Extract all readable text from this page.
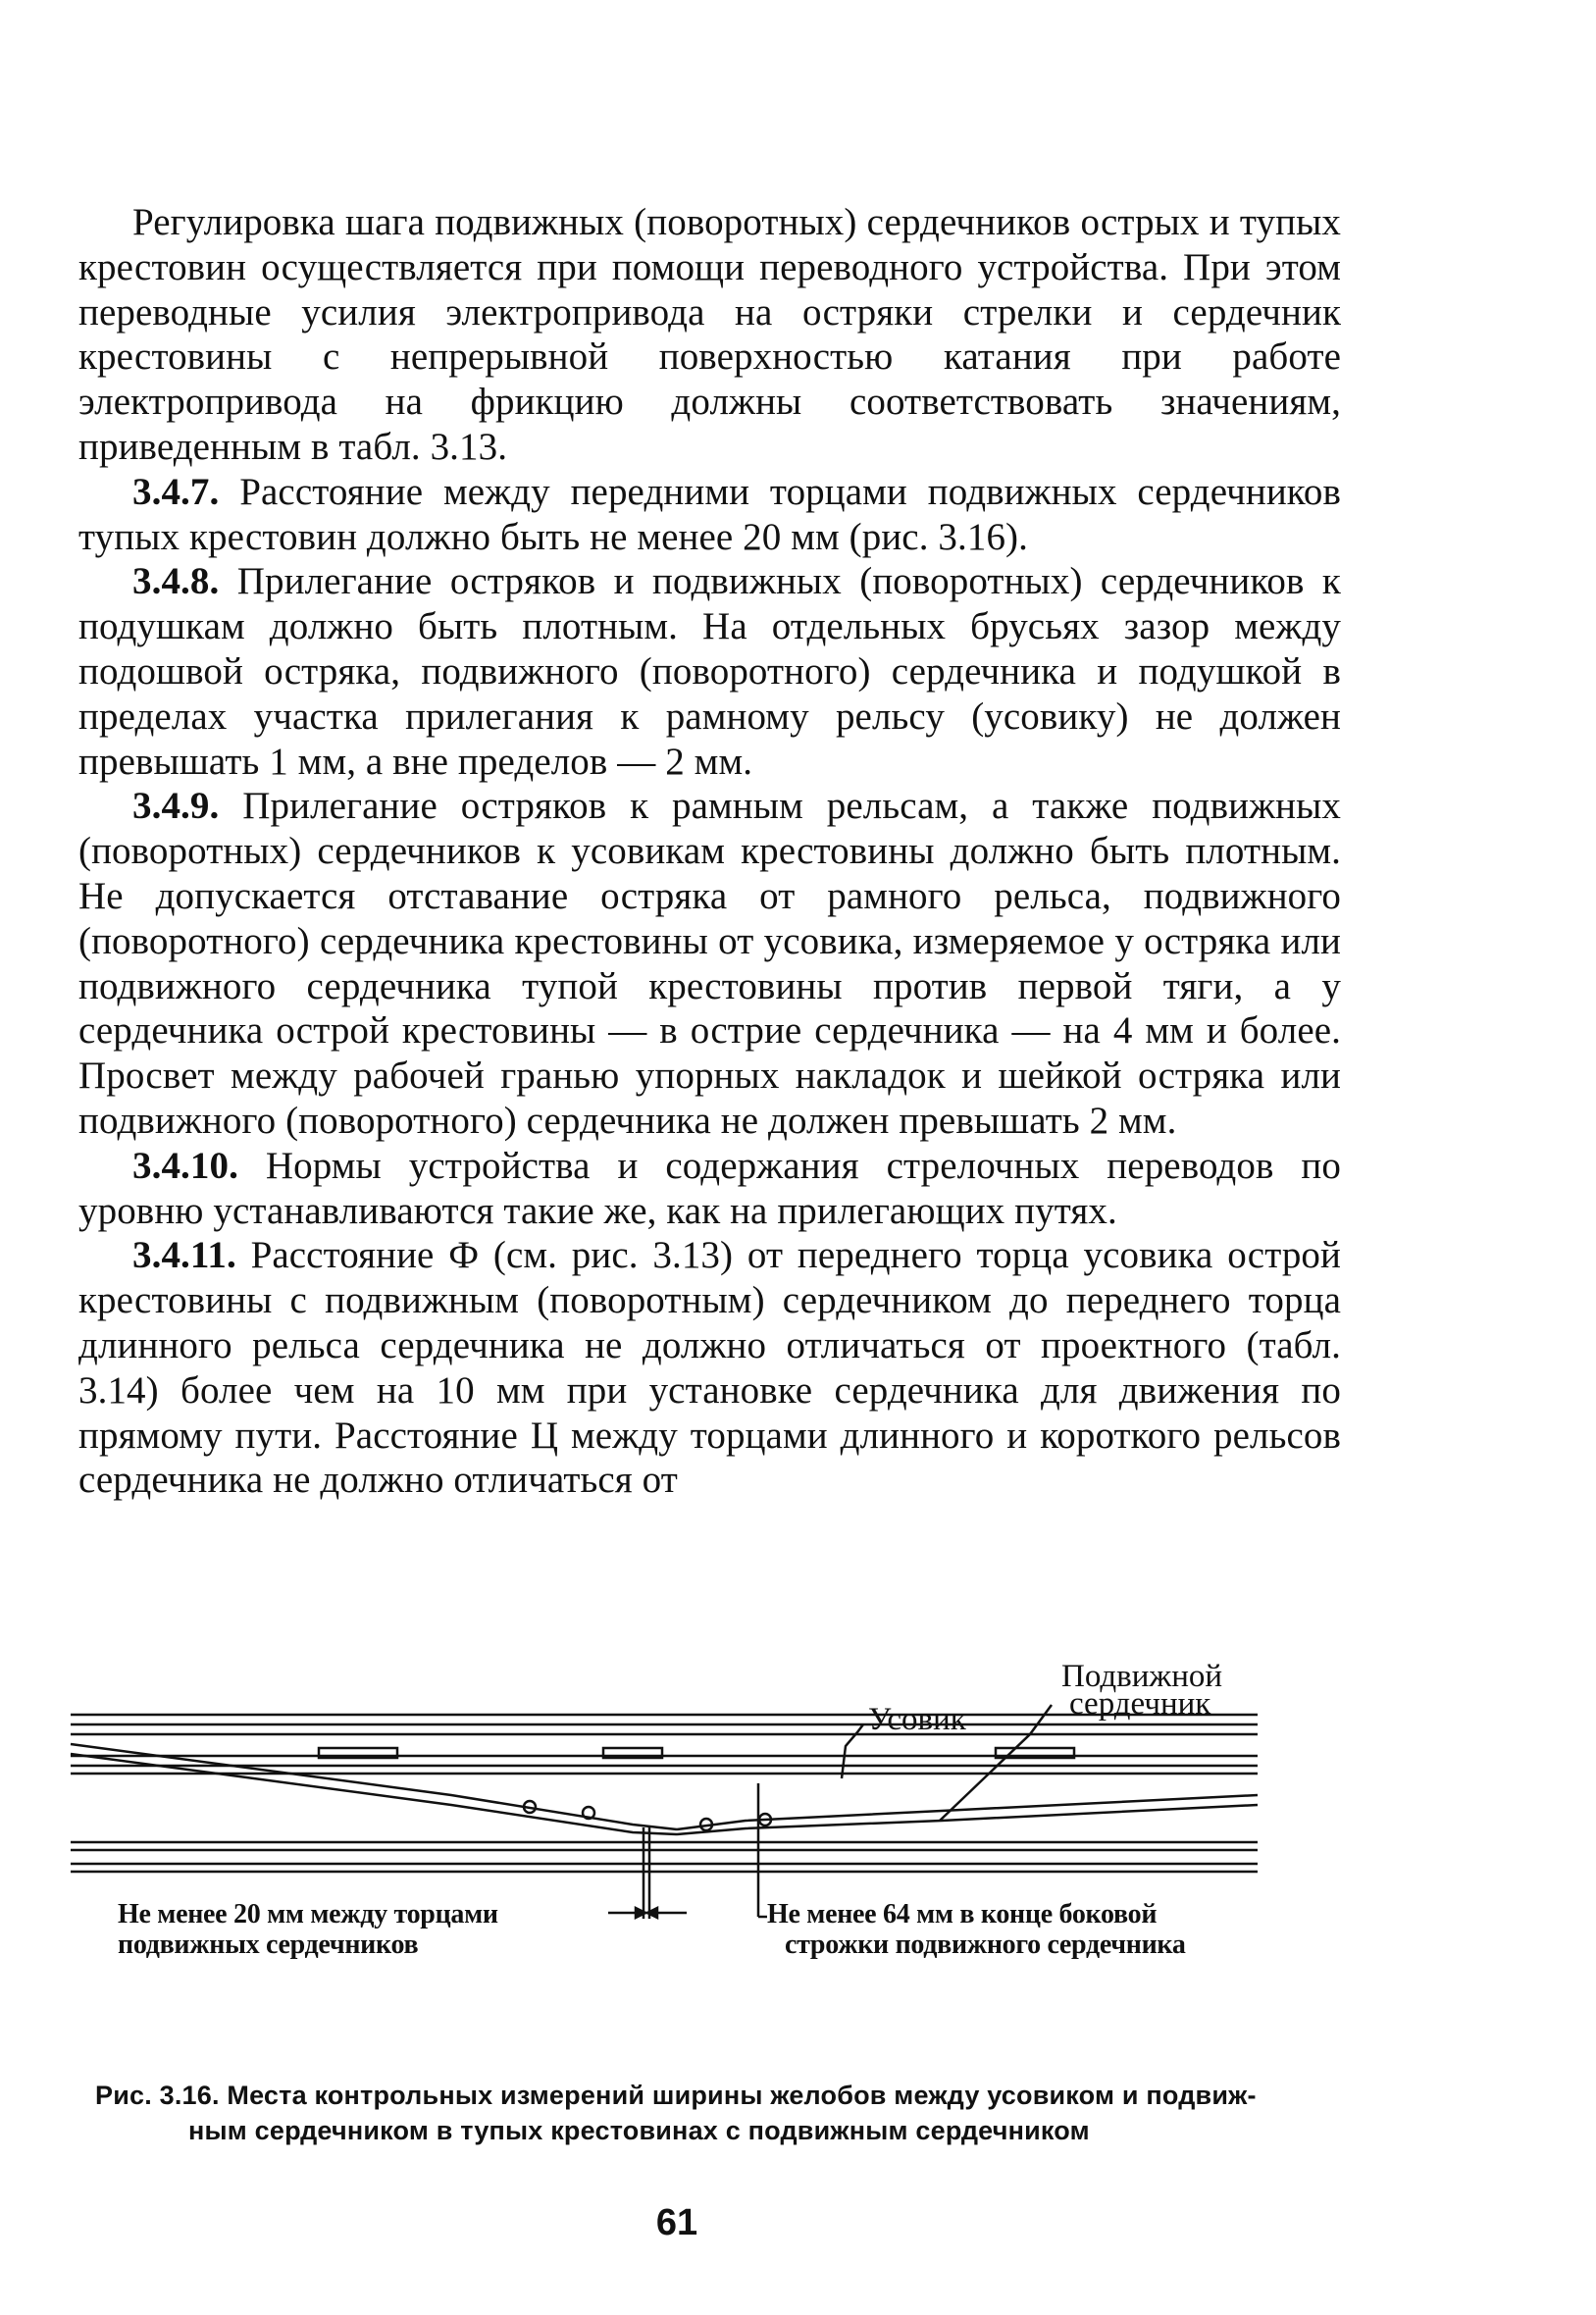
Регулировка шага подвижных (поворотных) сердечников острых и тупых крестовин осуществляется при помощи переводного устройства. При этом переводные усилия электропривода на остряки стрелки и сердечник крестовины с непрерывной поверхностью катания при работе электропривода на фрикцию должны соответствовать значениям, приведенным в табл. 3.13.

3.4.7. Расстояние между передними торцами подвижных сердечников тупых крестовин должно быть не менее 20 мм (рис. 3.16).

3.4.8. Прилегание остряков и подвижных (поворотных) сердечников к подушкам должно быть плотным. На отдельных брусьях зазор между подошвой остряка, подвижного (поворотного) сердечника и подушкой в пределах участка прилегания к рамному рельсу (усовику) не должен превышать 1 мм, а вне пределов — 2 мм.

3.4.9. Прилегание остряков к рамным рельсам, а также подвижных (поворотных) сердечников к усовикам крестовины должно быть плотным. Не допускается отставание остряка от рамного рельса, подвижного (поворотного) сердечника крестовины от усовика, измеряемое у остряка или подвижного сердечника тупой крестовины против первой тяги, а у сердечника острой крестовины — в острие сердечника — на 4 мм и более. Просвет между рабочей гранью упорных накладок и шейкой остряка или подвижного (поворотного) сердечника не должен превышать 2 мм.

3.4.10. Нормы устройства и содержания стрелочных переводов по уровню устанавливаются такие же, как на прилегающих путях.

3.4.11. Расстояние Ф (см. рис. 3.13) от переднего торца усовика острой крестовины с подвижным (поворотным) сердечником до переднего торца длинного рельса сердечника не должно отличаться от проектного (табл. 3.14) более чем на 10 мм при установке сердечника для движения по прямому пути. Расстояние Ц между торцами длинного и короткого рельсов сердечника не должно отличаться от

Усовик
Подвижной
сердечник
Не менее 20 мм между торцами
подвижных сердечников
Не менее 64 мм в конце боковой
строжки подвижного сердечника
Рис. 3.16. Места контрольных измерений ширины желобов между усовиком и подвиж-
ным сердечником в тупых крестовинах с подвижным сердечником
61
